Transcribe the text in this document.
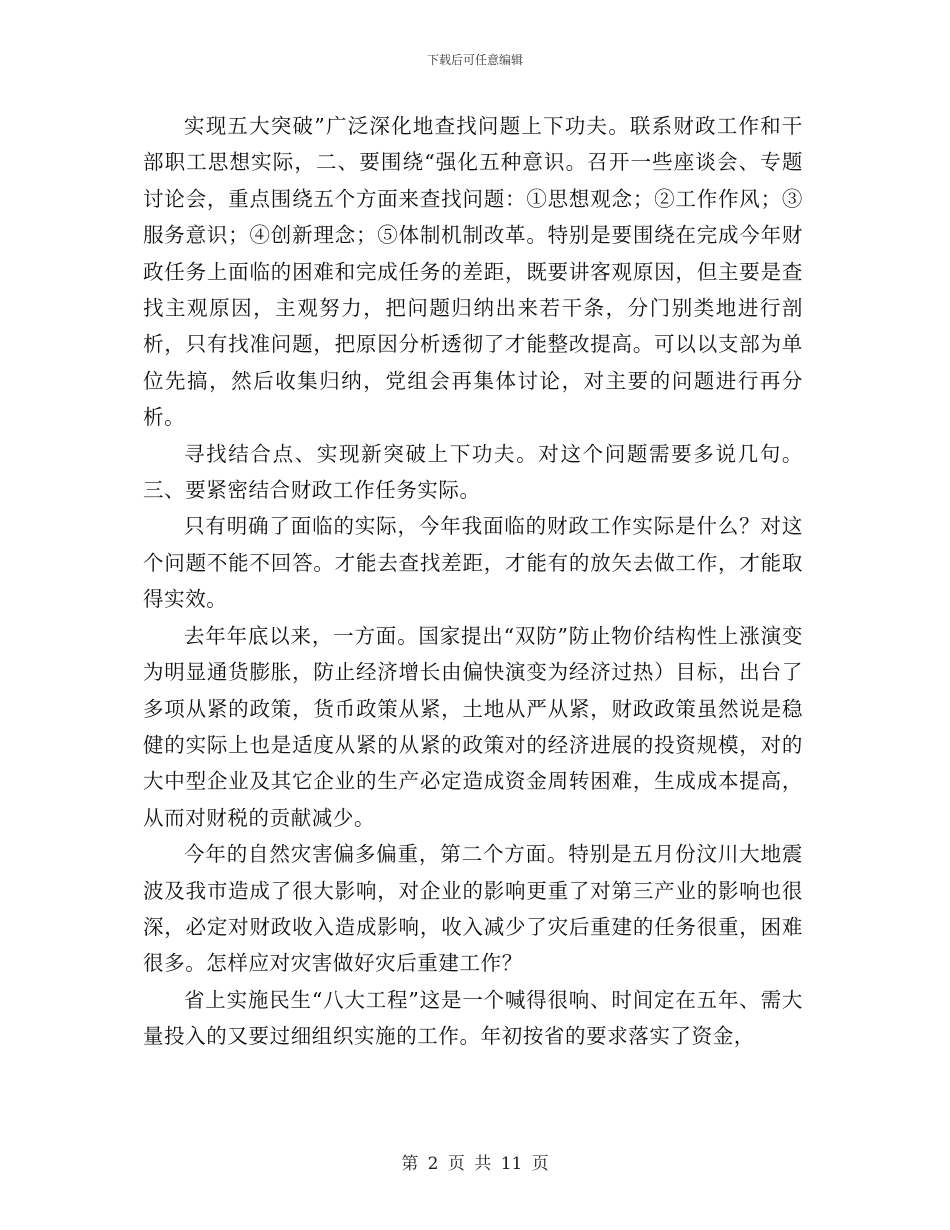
下载后可任意编辑

实现五大突破”广泛深化地查找问题上下功夫。联系财政工作和干部职工思想实际，二、要围绕“强化五种意识。召开一些座谈会、专题讨论会，重点围绕五个方面来查找问题：①思想观念；②工作作风；③服务意识；④创新理念；⑤体制机制改革。特别是要围绕在完成今年财政任务上面临的困难和完成任务的差距，既要讲客观原因，但主要是查找主观原因，主观努力，把问题归纳出来若干条，分门别类地进行剖析，只有找准问题，把原因分析透彻了才能整改提高。可以以支部为单位先搞，然后收集归纳，党组会再集体讨论，对主要的问题进行再分析。

寻找结合点、实现新突破上下功夫。对这个问题需要多说几句。三、要紧密结合财政工作任务实际。

只有明确了面临的实际，今年我面临的财政工作实际是什么？对这个问题不能不回答。才能去查找差距，才能有的放矢去做工作，才能取得实效。

去年年底以来，一方面。国家提出“双防”防止物价结构性上涨演变为明显通货膨胀，防止经济增长由偏快演变为经济过热）目标，出台了多项从紧的政策，货币政策从紧，土地从严从紧，财政政策虽然说是稳健的实际上也是适度从紧的从紧的政策对的经济进展的投资规模，对的大中型企业及其它企业的生产必定造成资金周转困难，生成成本提高，从而对财税的贡献减少。

今年的自然灾害偏多偏重，第二个方面。特别是五月份汶川大地震波及我市造成了很大影响，对企业的影响更重了对第三产业的影响也很深，必定对财政收入造成影响，收入减少了灾后重建的任务很重，困难很多。怎样应对灾害做好灾后重建工作？

省上实施民生“八大工程”这是一个喊得很响、时间定在五年、需大量投入的又要过细组织实施的工作。年初按省的要求落实了资金，

第 2 页 共 11 页
